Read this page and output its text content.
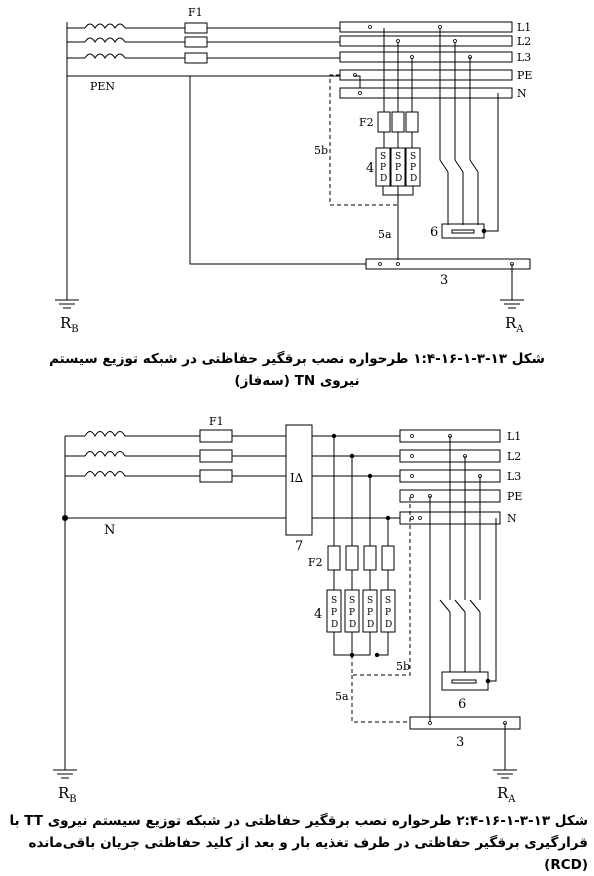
F1
L1
L2
L3
PE
N
PEN
F2
4
5b
5a	6
3
S
P
D
S
P
D
S
P
D
$R_B$	$R_A$
F1
L1
L2
L3
PE
N
N
I∆
7
F2
4
5b
5a
6
3
S
P
D
S
P
D
S
P
D
S
P
D
$R_B$	$R_A$
شکل ۱۳-۳-۱-۱۶-۱:۴ طرحواره نصب برقگیر حفاظتی در شبکه توزیع سیستم
نیروی TN (سه‌فاز)
شکل ۱۳-۳-۱-۱۶-۲:۴ طرحواره نصب برقگیر حفاظتی در شبکه توزیع سیستم نیروی TT با
قرارگیری برقگیر حفاظتی در طرف تغذیه بار و بعد از کلید حفاظتی جریان باقی‌مانده (RCD)
